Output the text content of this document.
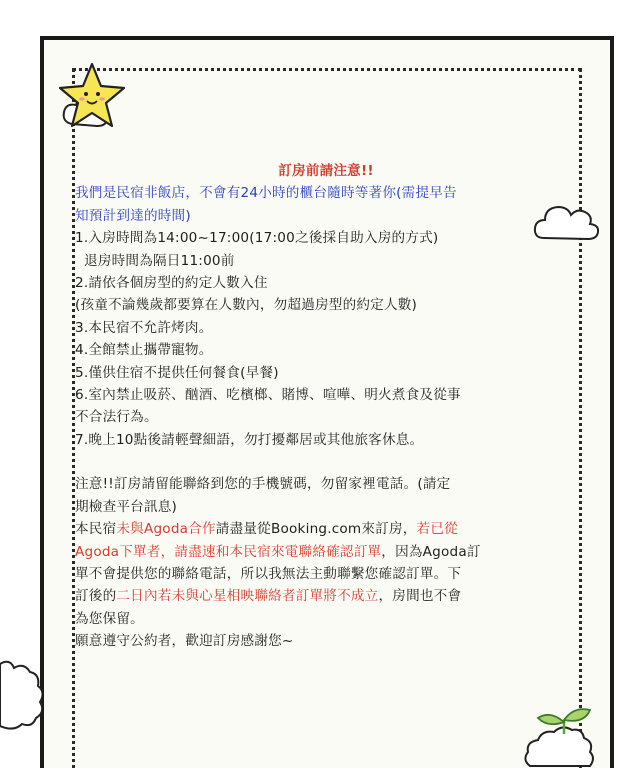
訂房前請注意!!
我們是民宿非飯店，不會有24小時的櫃台隨時等著你(需提早告
知預計到達的時間)
1.入房時間為14:00~17:00(17:00之後採自助入房的方式)
退房時間為隔日11:00前
2.請依各個房型的約定人數入住
(孩童不論幾歲都要算在人數內，勿超過房型的約定人數)
3.本民宿不允許烤肉。
4.全館禁止攜帶寵物。
5.僅供住宿不提供任何餐食(早餐)
6.室內禁止吸菸、酗酒、吃檳榔、賭博、喧嘩、明火煮食及從事
不合法行為。
7.晚上10點後請輕聲細語，勿打擾鄰居或其他旅客休息。
注意!!訂房請留能聯絡到您的手機號碼，勿留家裡電話。(請定
期檢查平台訊息)
本民宿未與Agoda合作請盡量從Booking.com來訂房，若已從
Agoda下單者，請盡速和本民宿來電聯絡確認訂單，因為Agoda訂
單不會提供您的聯絡電話，所以我無法主動聯繫您確認訂單。下
訂後的二日內若未與心星相映聯絡者訂單將不成立，房間也不會
為您保留。
願意遵守公約者，歡迎訂房感謝您~
